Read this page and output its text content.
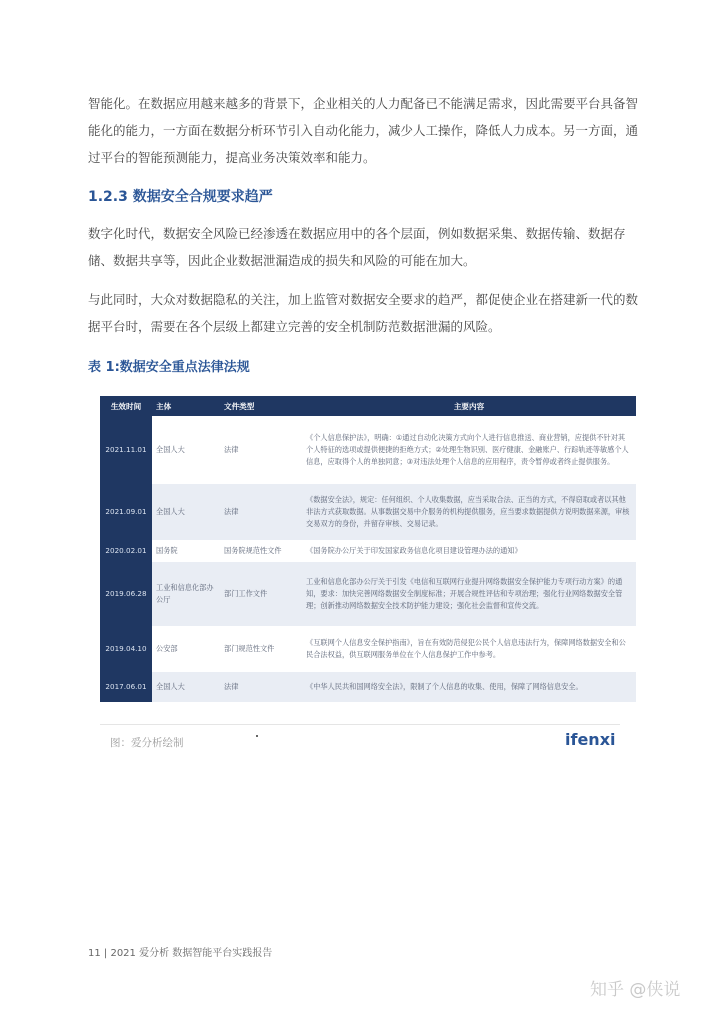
智能化。在数据应用越来越多的背景下，企业相关的人力配备已不能满足需求，因此需要平台具备智能化的能力，一方面在数据分析环节引入自动化能力，减少人工操作，降低人力成本。另一方面，通过平台的智能预测能力，提高业务决策效率和能力。
1.2.3 数据安全合规要求趋严
数字化时代，数据安全风险已经渗透在数据应用中的各个层面，例如数据采集、数据传输、数据存储、数据共享等，因此企业数据泄漏造成的损失和风险的可能在加大。
与此同时，大众对数据隐私的关注，加上监管对数据安全要求的趋严，都促使企业在搭建新一代的数据平台时，需要在各个层级上都建立完善的安全机制防范数据泄漏的风险。
表 1:数据安全重点法律法规
生效时间	主体	文件类型	主要内容
2021.11.01	全国人大	法律	《个人信息保护法》，明确：①通过自动化决策方式向个人进行信息推送、商业营销，应提供不针对其个人特征的选项或提供便捷的拒绝方式；②处理生物识别、医疗健康、金融账户、行踪轨迹等敏感个人信息，应取得个人的单独同意；③对违法处理个人信息的应用程序，责令暂停或者终止提供服务。
2021.09.01	全国人大	法律	《数据安全法》，规定：任何组织、个人收集数据，应当采取合法、正当的方式，不得窃取或者以其他非法方式获取数据。从事数据交易中介服务的机构提供服务，应当要求数据提供方说明数据来源，审核交易双方的身份，并留存审核、交易记录。
2020.02.01	国务院	国务院规范性文件	《国务院办公厅关于印发国家政务信息化项目建设管理办法的通知》
2019.06.28	工业和信息化部办公厅	部门工作文件	工业和信息化部办公厅关于引发《电信和互联网行业提升网络数据安全保护能力专项行动方案》的通知，要求：加快完善网络数据安全制度标准；开展合规性评估和专项治理；强化行业网络数据安全管理；创新推动网络数据安全技术防护能力建设；强化社会监督和宣传交流。
2019.04.10	公安部	部门规范性文件	《互联网个人信息安全保护指南》，旨在有效防范侵犯公民个人信息违法行为，保障网络数据安全和公民合法权益，供互联网服务单位在个人信息保护工作中参考。
2017.06.01	全国人大	法律	《中华人民共和国网络安全法》，限制了个人信息的收集、使用，保障了网络信息安全。
图：爱分析绘制	ifenxi
11 | 2021 爱分析 数据智能平台实践报告
知乎 @侠说
